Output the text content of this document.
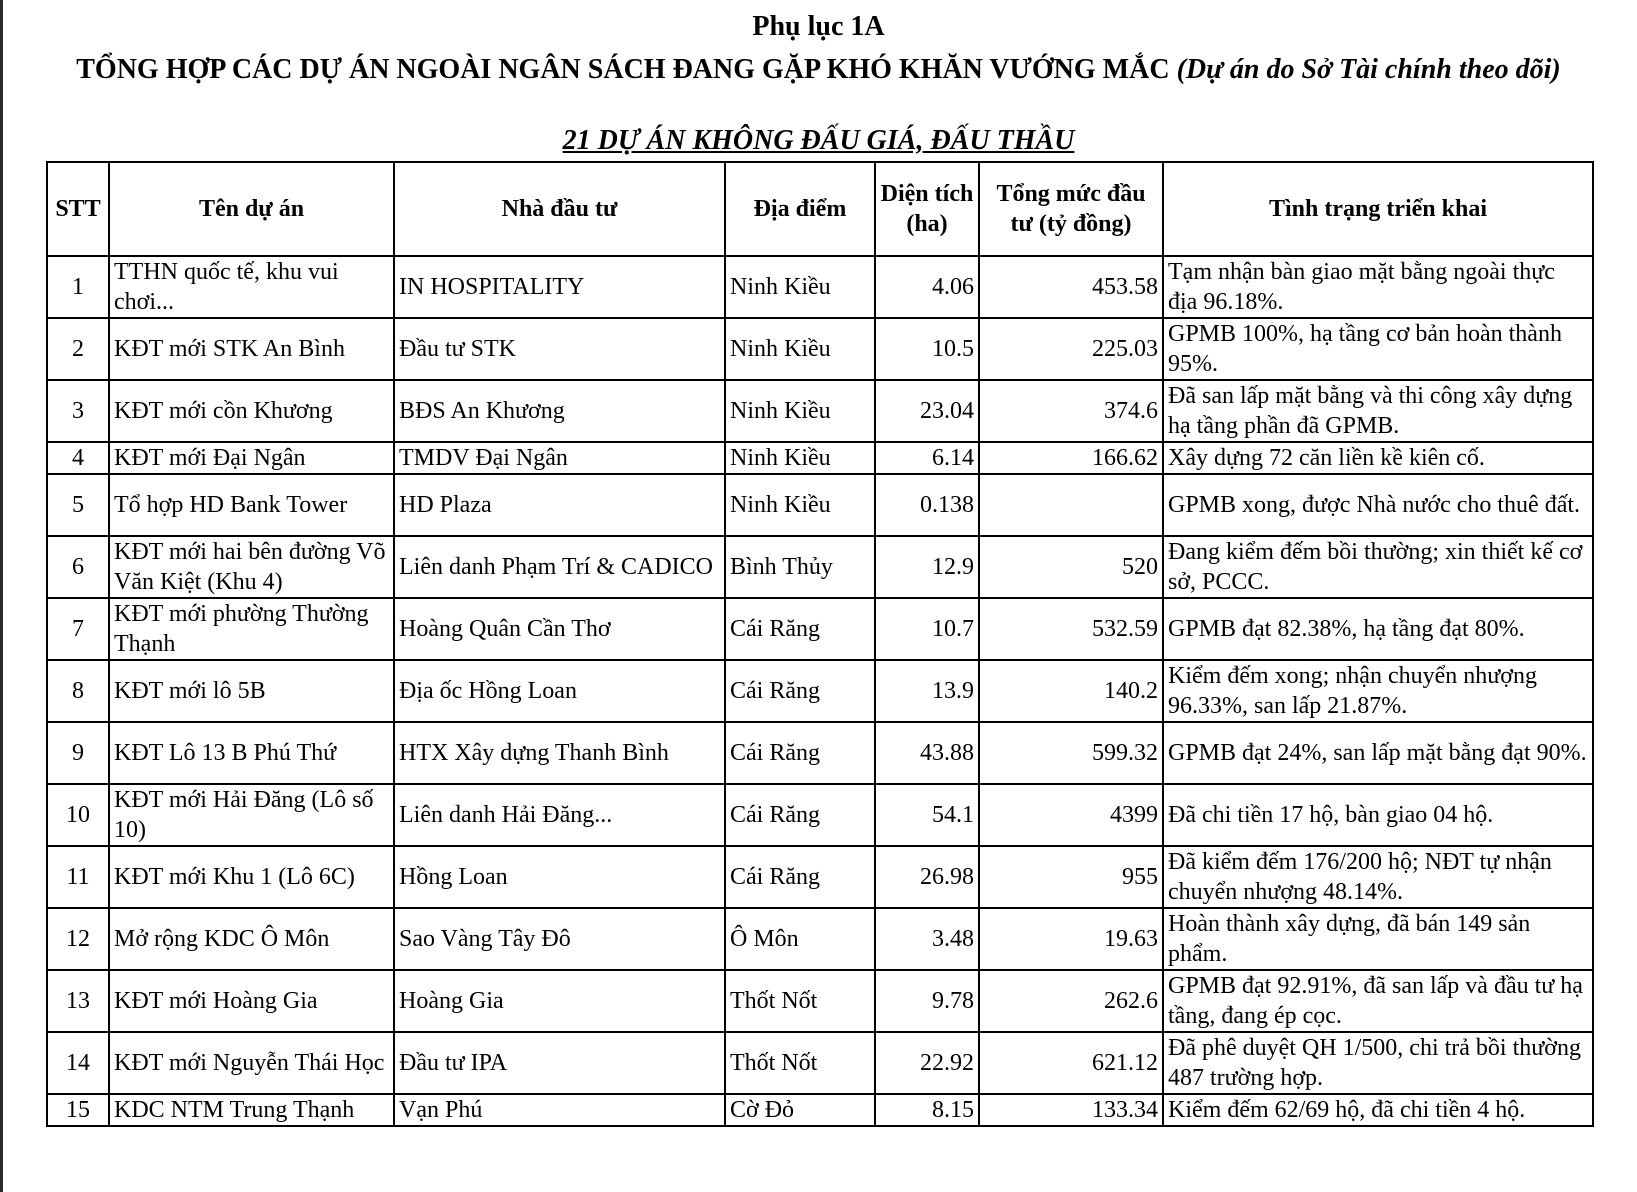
Phụ lục 1A

TỔNG HỢP CÁC DỰ ÁN NGOÀI NGÂN SÁCH ĐANG GẶP KHÓ KHĂN VƯỚNG MẮC (Dự án do Sở Tài chính theo dõi)

21 DỰ ÁN KHÔNG ĐẤU GIÁ, ĐẤU THẦU

STT	Tên dự án	Nhà đầu tư	Địa điểm	Diện tích (ha)	Tổng mức đầu tư (tỷ đồng)	Tình trạng triển khai
1	TTHN quốc tế, khu vui chơi...	IN HOSPITALITY	Ninh Kiều	4.06	453.58	Tạm nhận bàn giao mặt bằng ngoài thực địa 96.18%.
2	KĐT mới STK An Bình	Đầu tư STK	Ninh Kiều	10.5	225.03	GPMB 100%, hạ tầng cơ bản hoàn thành 95%.
3	KĐT mới cồn Khương	BĐS An Khương	Ninh Kiều	23.04	374.6	Đã san lấp mặt bằng và thi công xây dựng hạ tầng phần đã GPMB.
4	KĐT mới Đại Ngân	TMDV Đại Ngân	Ninh Kiều	6.14	166.62	Xây dựng 72 căn liền kề kiên cố.
5	Tổ hợp HD Bank Tower	HD Plaza	Ninh Kiều	0.138		GPMB xong, được Nhà nước cho thuê đất.
6	KĐT mới hai bên đường Võ Văn Kiệt (Khu 4)	Liên danh Phạm Trí & CADICO	Bình Thủy	12.9	520	Đang kiểm đếm bồi thường; xin thiết kế cơ sở, PCCC.
7	KĐT mới phường Thường Thạnh	Hoàng Quân Cần Thơ	Cái Răng	10.7	532.59	GPMB đạt 82.38%, hạ tầng đạt 80%.
8	KĐT mới lô 5B	Địa ốc Hồng Loan	Cái Răng	13.9	140.2	Kiểm đếm xong; nhận chuyển nhượng 96.33%, san lấp 21.87%.
9	KĐT Lô 13 B Phú Thứ	HTX Xây dựng Thanh Bình	Cái Răng	43.88	599.32	GPMB đạt 24%, san lấp mặt bằng đạt 90%.
10	KĐT mới Hải Đăng (Lô số 10)	Liên danh Hải Đăng...	Cái Răng	54.1	4399	Đã chi tiền 17 hộ, bàn giao 04 hộ.
11	KĐT mới Khu 1 (Lô 6C)	Hồng Loan	Cái Răng	26.98	955	Đã kiểm đếm 176/200 hộ; NĐT tự nhận chuyển nhượng 48.14%.
12	Mở rộng KDC Ô Môn	Sao Vàng Tây Đô	Ô Môn	3.48	19.63	Hoàn thành xây dựng, đã bán 149 sản phẩm.
13	KĐT mới Hoàng Gia	Hoàng Gia	Thốt Nốt	9.78	262.6	GPMB đạt 92.91%, đã san lấp và đầu tư hạ tầng, đang ép cọc.
14	KĐT mới Nguyễn Thái Học	Đầu tư IPA	Thốt Nốt	22.92	621.12	Đã phê duyệt QH 1/500, chi trả bồi thường 487 trường hợp.
15	KDC NTM Trung Thạnh	Vạn Phú	Cờ Đỏ	8.15	133.34	Kiểm đếm 62/69 hộ, đã chi tiền 4 hộ.
